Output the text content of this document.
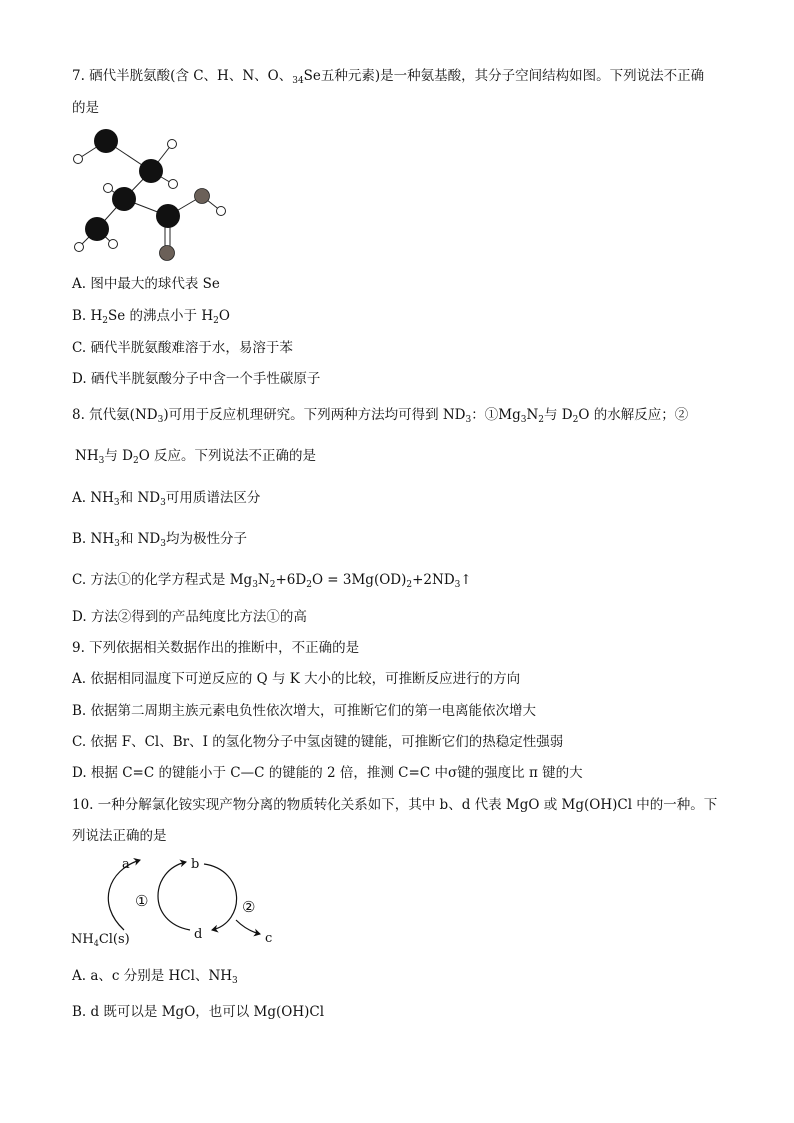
7. 硒代半胱氨酸(含 C、H、N、O、$_{34}$Se五种元素)是一种氨基酸，其分子空间结构如图。下列说法不正确
的是
A. 图中最大的球代表 Se
B. $H_2Se$ 的沸点小于 $H_2O$
C. 硒代半胱氨酸难溶于水，易溶于苯
D. 硒代半胱氨酸分子中含一个手性碳原子
8. 氘代氨$(ND_3)$可用于反应机理研究。下列两种方法均可得到 $ND_3$：$①Mg_3N_2$与 $D_2O$ 的水解反应；②
$NH_3$与 $D_2O$ 反应。下列说法不正确的是
A. $NH_3$和 $ND_3$可用质谱法区分
B. $NH_3$和 $ND_3$均为极性分子
C. 方法①的化学方程式是 $Mg_3N_2+6D_2O$ = $3Mg(OD)_2+2ND_3↑$
D. 方法②得到的产品纯度比方法①的高
9. 下列依据相关数据作出的推断中，不正确的是
A. 依据相同温度下可逆反应的 Q 与 K 大小的比较，可推断反应进行的方向
B. 依据第二周期主族元素电负性依次增大，可推断它们的第一电离能依次增大
C. 依据 F、Cl、Br、I 的氢化物分子中氢卤键的键能，可推断它们的热稳定性强弱
D. 根据 C=C 的键能小于 C—C 的键能的 2 倍，推测 C=C 中σ键的强度比 π 键的大
10. 一种分解氯化铵实现产物分离的物质转化关系如下，其中 b、d 代表 MgO 或 Mg(OH)Cl 中的一种。下
列说法正确的是
a	b
d	c
①	②
$NH_4Cl(s)$
A. a、c 分别是 HCl、$NH_3$
B. d 既可以是 MgO，也可以 Mg(OH)Cl
